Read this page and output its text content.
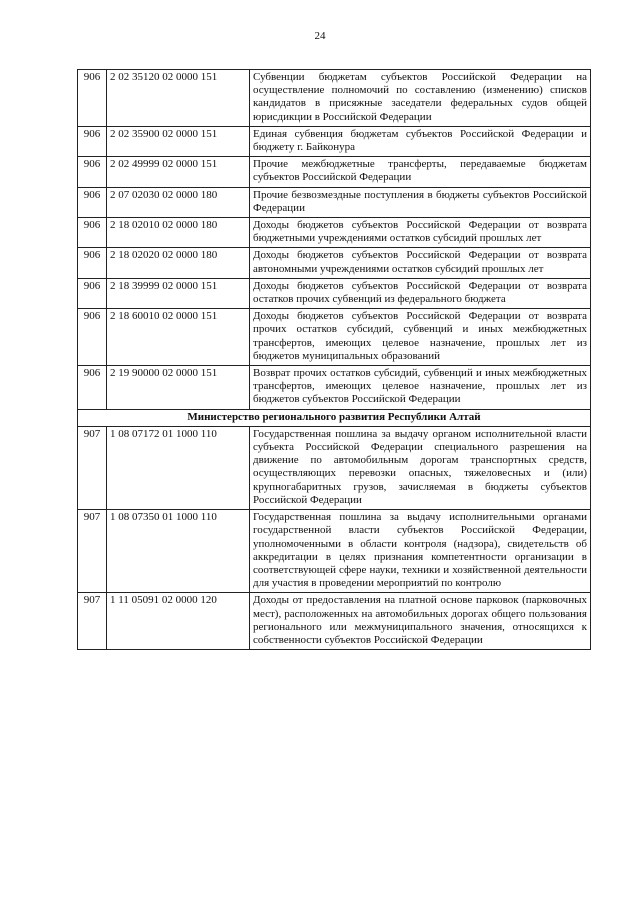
24
906	2 02 35120 02 0000 151	Субвенции бюджетам субъектов Российской Федерации на осуществление полномочий по составлению (изменению) списков кандидатов в присяжные заседатели федеральных судов общей юрисдикции в Российской Федерации
906	2 02 35900 02 0000 151	Единая субвенция бюджетам субъектов Российской Федерации и бюджету г. Байконура
906	2 02 49999 02 0000 151	Прочие межбюджетные трансферты, передаваемые бюджетам субъектов Российской Федерации
906	2 07 02030 02 0000 180	Прочие безвозмездные поступления в бюджеты субъектов Российской Федерации
906	2 18 02010 02 0000 180	Доходы бюджетов субъектов Российской Федерации от возврата бюджетными учреждениями остатков субсидий прошлых лет
906	2 18 02020 02 0000 180	Доходы бюджетов субъектов Российской Федерации от возврата автономными учреждениями остатков субсидий прошлых лет
906	2 18 39999 02 0000 151	Доходы бюджетов субъектов Российской Федерации от возврата остатков прочих субвенций из федерального бюджета
906	2 18 60010 02 0000 151	Доходы бюджетов субъектов Российской Федерации от возврата прочих остатков субсидий, субвенций и иных межбюджетных трансфертов, имеющих целевое назначение, прошлых лет из бюджетов муниципальных образований
906	2 19 90000 02 0000 151	Возврат прочих остатков субсидий, субвенций и иных межбюджетных трансфертов, имеющих целевое назначение, прошлых лет из бюджетов субъектов Российской Федерации
Министерство регионального развития Республики Алтай		
907	1 08 07172 01 1000 110	Государственная пошлина за выдачу органом исполнительной власти субъекта Российской Федерации специального разрешения на движение по автомобильным дорогам транспортных средств, осуществляющих перевозки опасных, тяжеловесных и (или) крупногабаритных грузов, зачисляемая в бюджеты субъектов Российской Федерации
907	1 08 07350 01 1000 110	Государственная пошлина за выдачу исполнительными органами государственной власти субъектов Российской Федерации, уполномоченными в области контроля (надзора), свидетельств об аккредитации в целях признания компетентности организации в соответствующей сфере науки, техники и хозяйственной деятельности для участия в проведении мероприятий по контролю
907	1 11 05091 02 0000 120	Доходы от предоставления на платной основе парковок (парковочных мест), расположенных на автомобильных дорогах общего пользования регионального или межмуниципального значения, относящихся к собственности субъектов Российской Федерации
